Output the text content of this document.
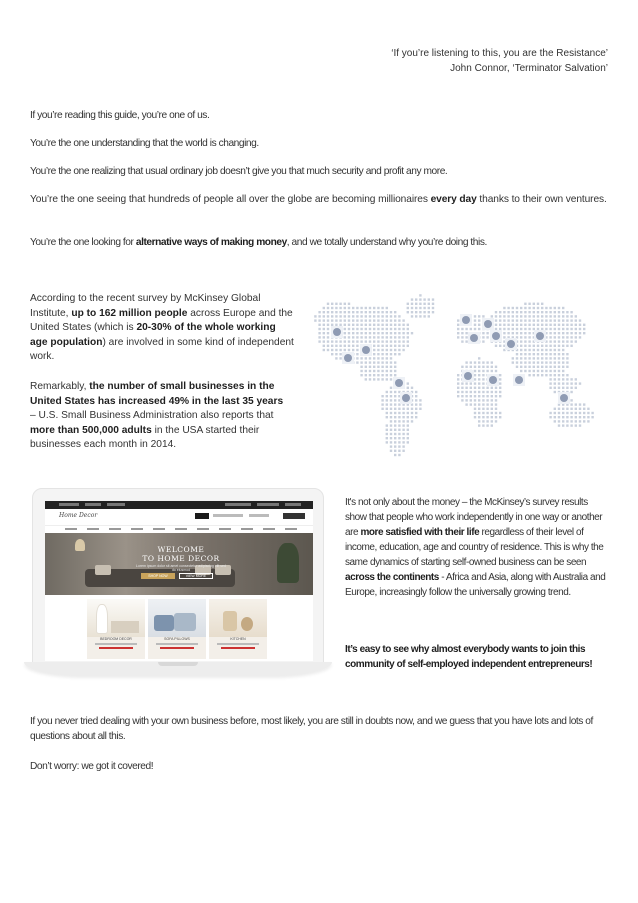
‘If you’re listening to this, you are the Resistance’

John Connor, ‘Terminator Salvation’

If you’re reading this guide, you’re one of us.

You’re the one understanding that the world is changing.

You’re the one realizing that usual ordinary job doesn’t give you that much security and profit any more.

You’re the one seeing that hundreds of people all over the globe are becoming millionaires every day thanks to their own ventures.

You’re the one looking for alternative ways of making money, and we totally understand why you’re doing this.

According to the recent survey by McKinsey Global Institute, up to 162 million people across Europe and the United States (which is 20-30% of the whole working age population) are involved in some kind of independent work.

Remarkably, the number of small businesses in the United States has increased 49% in the last 35 years – U.S. Small Business Administration also reports that more than 500,000 adults in the USA started their businesses each month in 2014.

Home Decor
WELCOME
TO HOME DECOR
Lorem ipsum dolor sit amet consectetur adipiscing elit sed do eiusmod
SHOP NOW	VIEW MORE
BEDROOM DECOR	SOFA PILLOWS	KITCHEN

It's not only about the money – the McKinsey’s survey results show that people who work independently in one way or another are more satisfied with their life regardless of their level of income, education, age and country of residence. This is why the same dynamics of starting self-owned business can be seen across the continents - Africa and Asia, along with Australia and Europe, increasingly follow the universally growing trend.

It’s easy to see why almost everybody wants to join this community of self-employed independent entrepreneurs!

If you never tried dealing with your own business before, most likely, you are still in doubts now, and we guess that you have lots and lots of questions about all this.

Don’t worry: we got it covered!
